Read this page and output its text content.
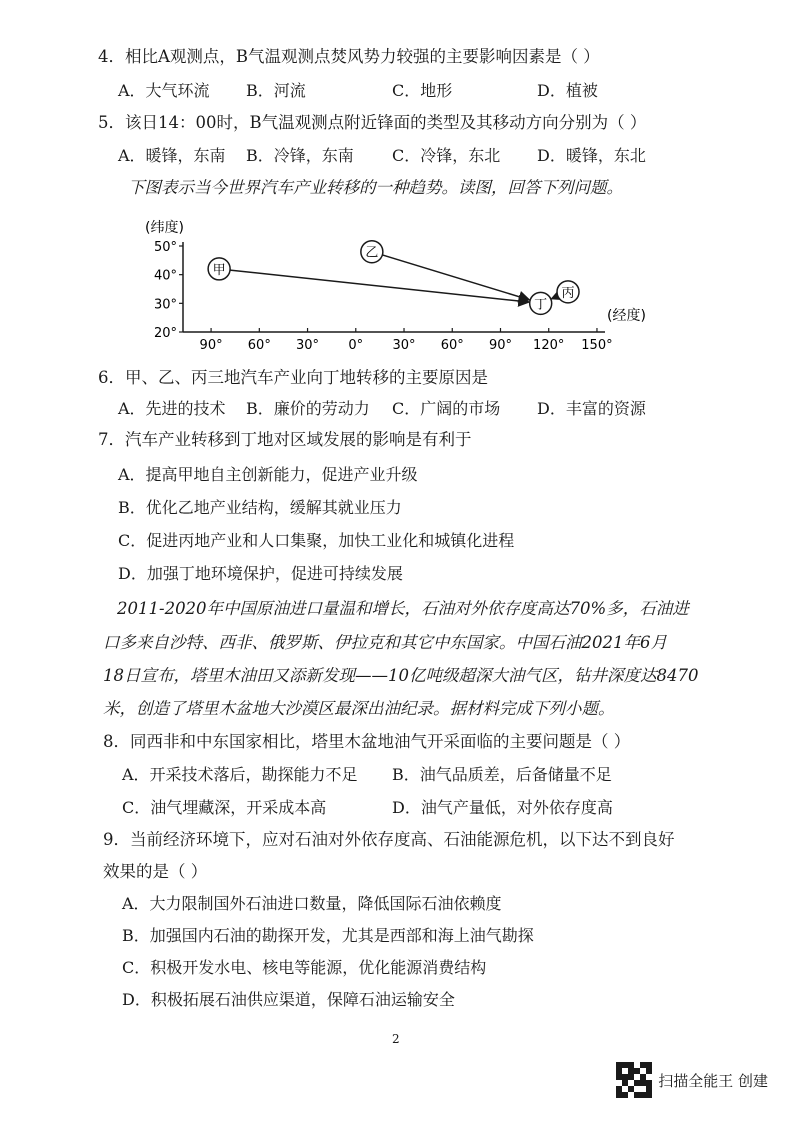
4．相比A观测点，B气温观测点焚风势力较强的主要影响因素是（ ）
A．大气环流 B．河流	C．地形	D．植被
5．该日14：00时，B气温观测点附近锋面的类型及其移动方向分别为（ ）
A．暖锋，东南 B．冷锋，东南 C．冷锋，东北 D．暖锋，东北
下图表示当今世界汽车产业转移的一种趋势。读图，回答下列问题。
(纬度)
(经度)
50°
40°
30°
20°
90° 60° 30° 0° 30° 60° 90° 120° 150°
甲
乙
丙
丁
6．甲、乙、丙三地汽车产业向丁地转移的主要原因是
A．先进的技术 B．廉价的劳动力 C．广阔的市场 D．丰富的资源
7．汽车产业转移到丁地对区域发展的影响是有利于
A．提高甲地自主创新能力，促进产业升级
B．优化乙地产业结构，缓解其就业压力
C．促进丙地产业和人口集聚，加快工业化和城镇化进程
D．加强丁地环境保护，促进可持续发展
2011-2020年中国原油进口量温和增长，石油对外依存度高达70%多，石油进
口多来自沙特、西非、俄罗斯、伊拉克和其它中东国家。中国石油2021年6月
18日宣布，塔里木油田又添新发现——10亿吨级超深大油气区，钻井深度达8470
米，创造了塔里木盆地大沙漠区最深出油纪录。据材料完成下列小题。
8．同西非和中东国家相比，塔里木盆地油气开采面临的主要问题是（ ）
A．开采技术落后，勘探能力不足 B．油气品质差，后备储量不足
C．油气埋藏深，开采成本高	D．油气产量低，对外依存度高
9．当前经济环境下，应对石油对外依存度高、石油能源危机，以下达不到良好
效果的是（ ）
A．大力限制国外石油进口数量，降低国际石油依赖度
B．加强国内石油的勘探开发，尤其是西部和海上油气勘探
C．积极开发水电、核电等能源，优化能源消费结构
D．积极拓展石油供应渠道，保障石油运输安全
2
扫描全能王 创建
